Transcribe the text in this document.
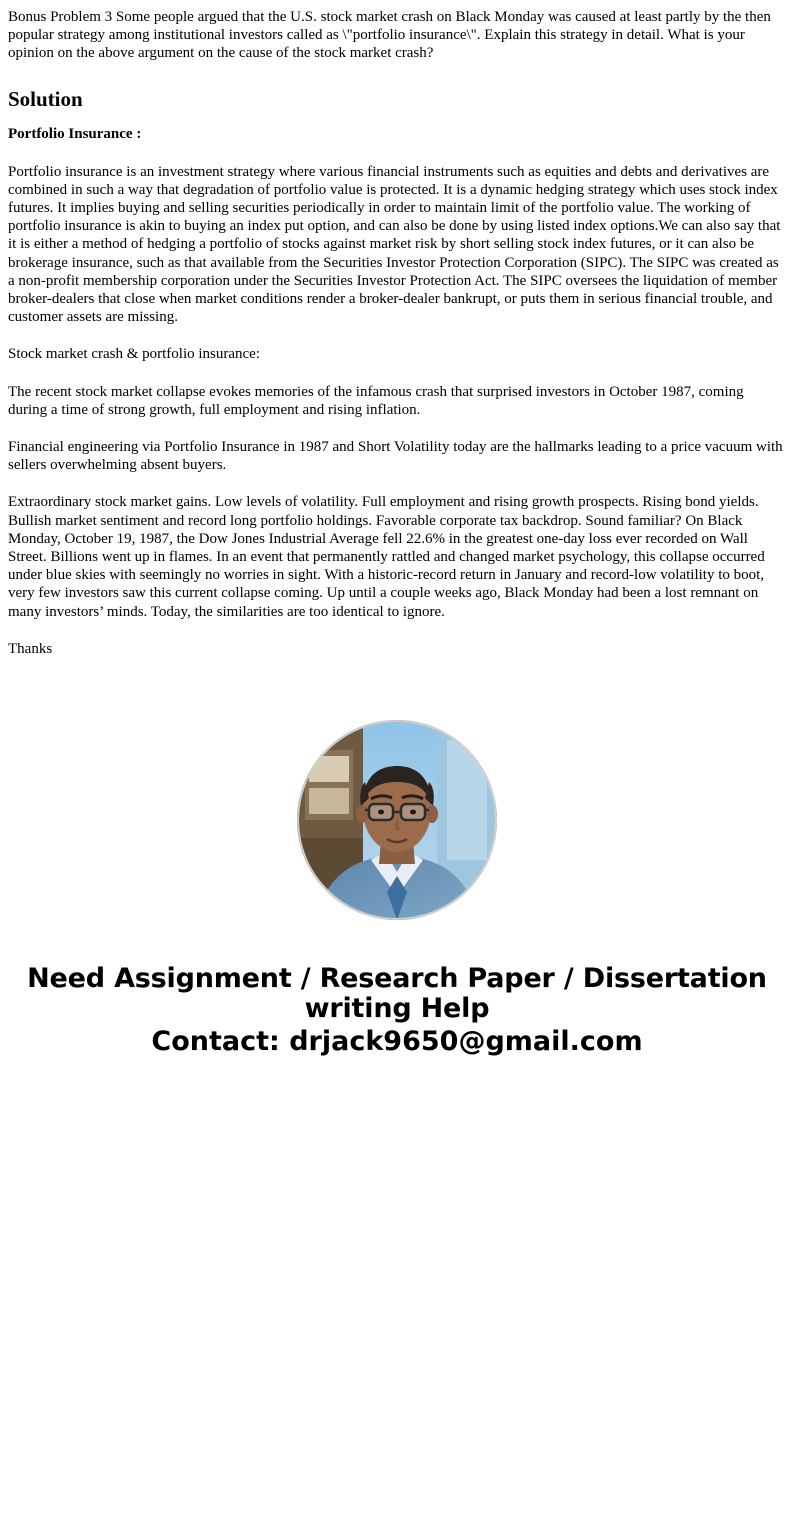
Bonus Problem 3 Some people argued that the U.S. stock market crash on Black Monday was caused at least partly by the then popular strategy among institutional investors called as \"portfolio insurance\". Explain this strategy in detail. What is your opinion on the above argument on the cause of the stock market crash?

Solution

Portfolio Insurance :

Portfolio insurance is an investment strategy where various financial instruments such as equities and debts and derivatives are combined in such a way that degradation of portfolio value is protected. It is a dynamic hedging strategy which uses stock index futures. It implies buying and selling securities periodically in order to maintain limit of the portfolio value. The working of portfolio insurance is akin to buying an index put option, and can also be done by using listed index options.We can also say that it is either a method of hedging a portfolio of stocks against market risk by short selling stock index futures, or it can also be brokerage insurance, such as that available from the Securities Investor Protection Corporation (SIPC). The SIPC was created as a non-profit membership corporation under the Securities Investor Protection Act. The SIPC oversees the liquidation of member broker-dealers that close when market conditions render a broker-dealer bankrupt, or puts them in serious financial trouble, and customer assets are missing.

Stock market crash & portfolio insurance:

The recent stock market collapse evokes memories of the infamous crash that surprised investors in October 1987, coming during a time of strong growth, full employment and rising inflation.

Financial engineering via Portfolio Insurance in 1987 and Short Volatility today are the hallmarks leading to a price vacuum with sellers overwhelming absent buyers.

Extraordinary stock market gains. Low levels of volatility. Full employment and rising growth prospects. Rising bond yields. Bullish market sentiment and record long portfolio holdings. Favorable corporate tax backdrop. Sound familiar? On Black Monday, October 19, 1987, the Dow Jones Industrial Average fell 22.6% in the greatest one-day loss ever recorded on Wall Street. Billions went up in flames. In an event that permanently rattled and changed market psychology, this collapse occurred under blue skies with seemingly no worries in sight. With a historic-record return in January and record-low volatility to boot, very few investors saw this current collapse coming. Up until a couple weeks ago, Black Monday had been a lost remnant on many investors’ minds. Today, the similarities are too identical to ignore.

Thanks

Need Assignment / Research Paper / Dissertation
writing Help
Contact: drjack9650@gmail.com
